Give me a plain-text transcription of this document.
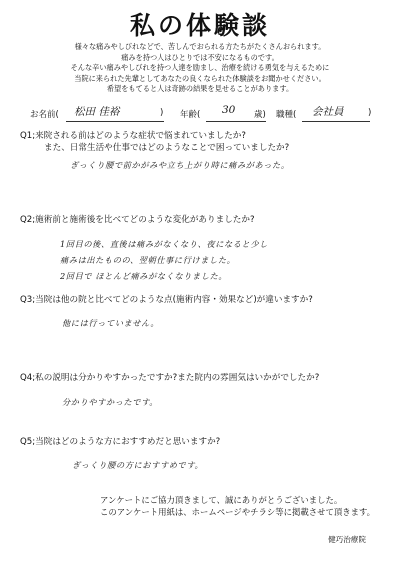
私の体験談
様々な痛みやしびれなどで、苦しんでおられる方たちがたくさんおられます。
痛みを持つ人はひとりでは不安になるものです。
そんな辛い痛みやしびれを持つ人達を励まし、治療を続ける勇気を与えるために
当院に来られた先輩としてあなたの良くなられた体験談をお聞かせください。
希望をもてると人は奇跡の結果を見せることがあります。
お名前( 松田 佳裕	) 年齢( 30 歳) 職種( 会社員	)
Q1;来院される前はどのような症状で悩まれていましたか?
また、日常生活や仕事ではどのようなことで困っていましたか?
ぎっくり腰で前かがみや立ち上がり時に痛みがあった。
Q2;施術前と施術後を比べてどのような変化がありましたか?
1回目の後、直後は痛みがなくなり、夜になると少し
痛みは出たものの、翌朝仕事に行けました。
2回目で ほとんど痛みがなくなりました。
Q3;当院は他の院と比べてどのような点(施術内容・効果など)が違いますか?
他には行っていません。
Q4;私の説明は分かりやすかったですか?また院内の雰囲気はいかがでしたか?
分かりやすかったです。
Q5;当院はどのような方におすすめだと思いますか?
ぎっくり腰の方におすすめです。
アンケートにご協力頂きまして、誠にありがとうございました。
このアンケート用紙は、ホームページやチラシ等に掲載させて頂きます。
健巧治療院
